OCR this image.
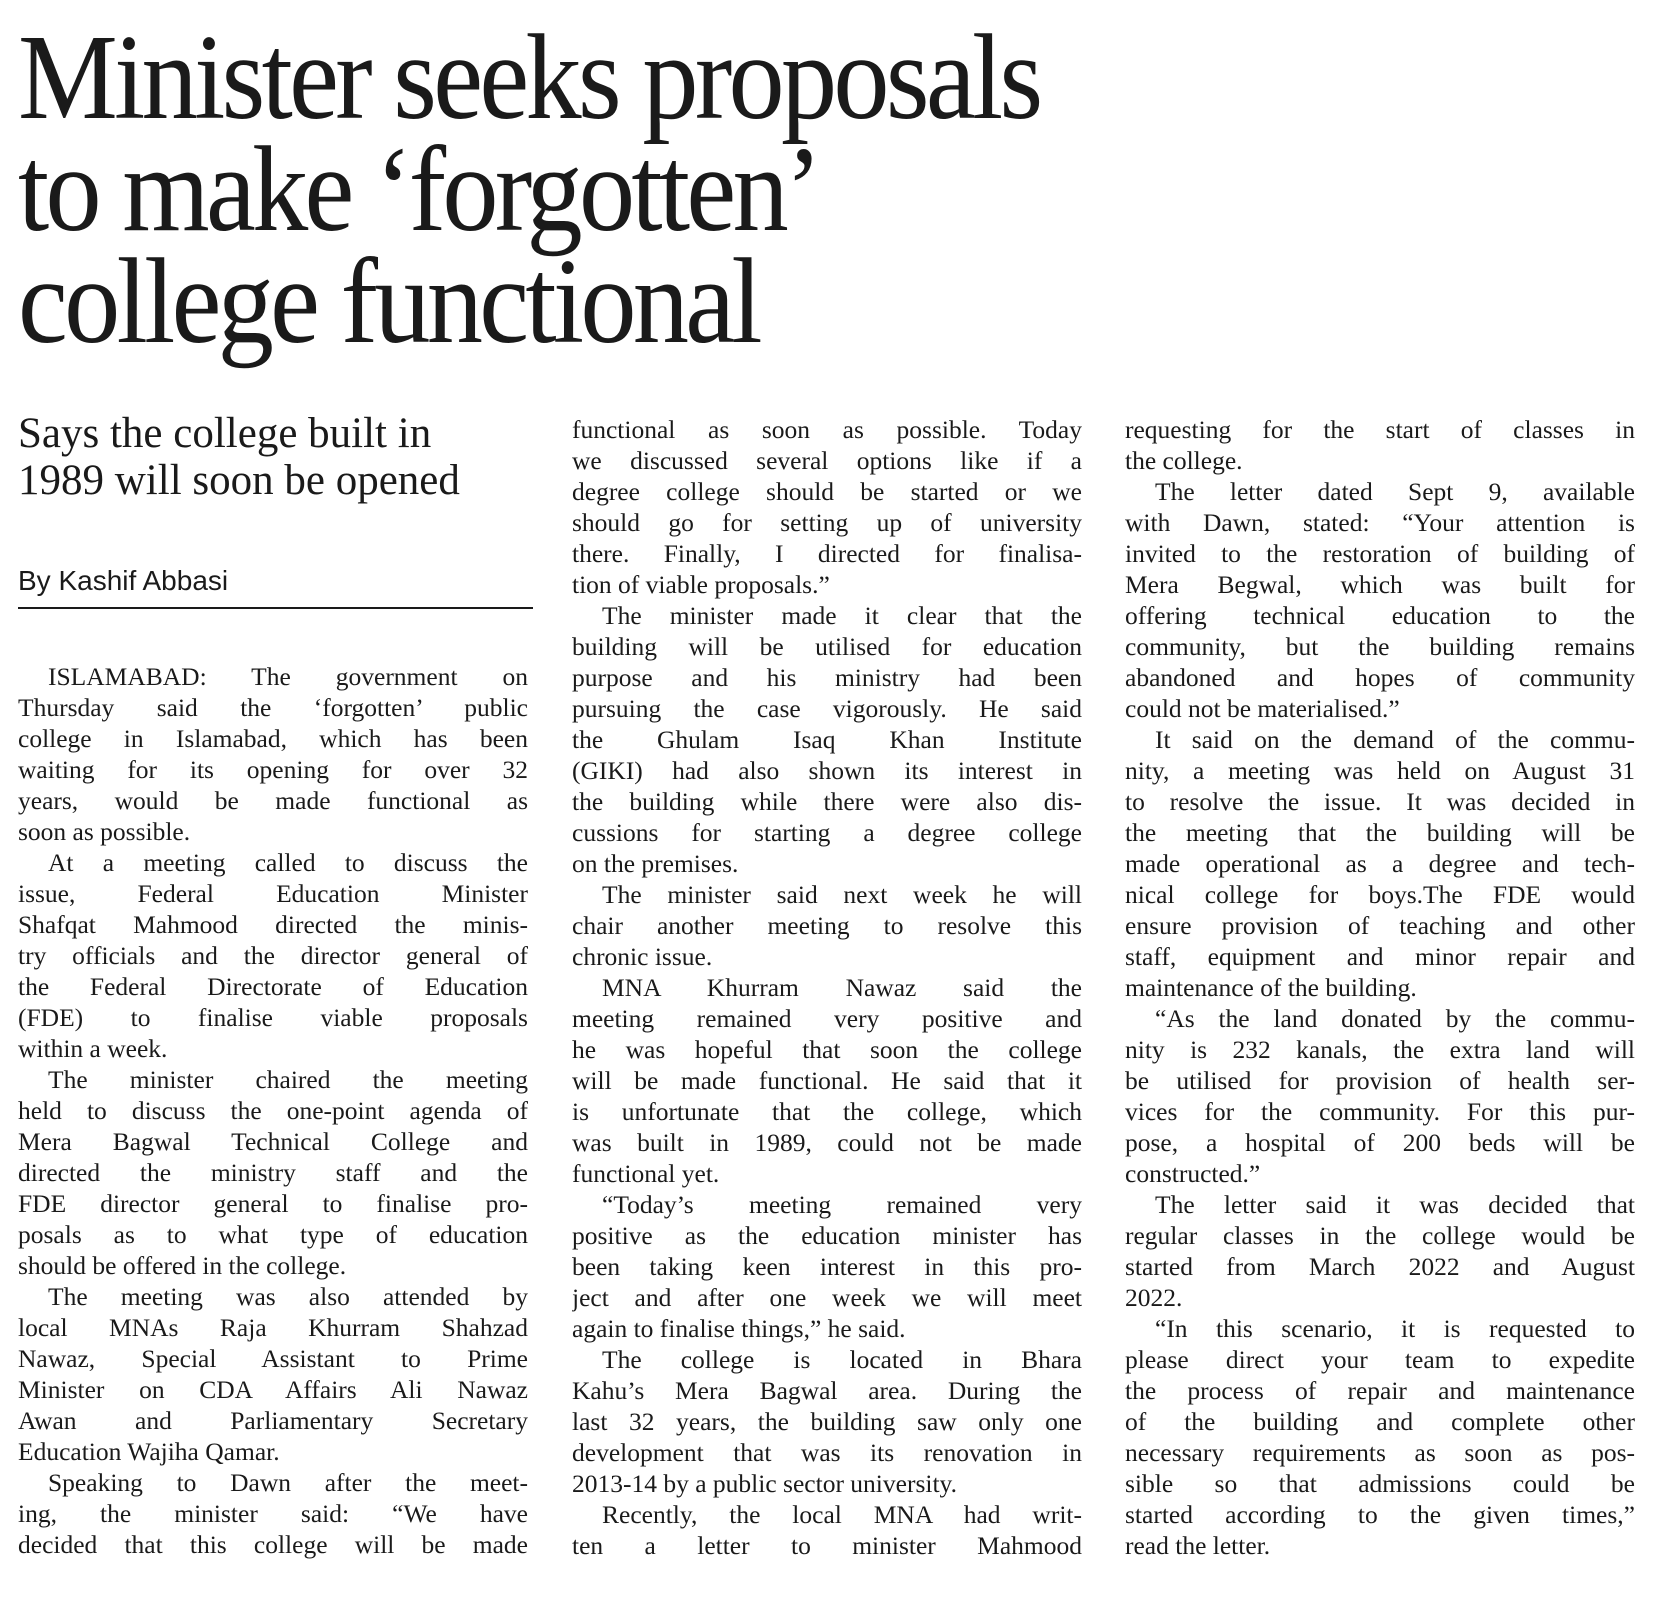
Minister seeks proposals
to make ‘forgotten’
college functional
Says the college built in
1989 will soon be opened
By Kashif Abbasi
ISLAMABAD: The government on
Thursday said the ‘forgotten’ public
college in Islamabad, which has been
waiting for its opening for over 32
years, would be made functional as
soon as possible.
At a meeting called to discuss the
issue, Federal Education Minister
Shafqat Mahmood directed the minis-
try officials and the director general of
the Federal Directorate of Education
(FDE) to finalise viable proposals
within a week.
The minister chaired the meeting
held to discuss the one-point agenda of
Mera Bagwal Technical College and
directed the ministry staff and the
FDE director general to finalise pro-
posals as to what type of education
should be offered in the college.
The meeting was also attended by
local MNAs Raja Khurram Shahzad
Nawaz, Special Assistant to Prime
Minister on CDA Affairs Ali Nawaz
Awan and Parliamentary Secretary
Education Wajiha Qamar.
Speaking to Dawn after the meet-
ing, the minister said: “We have
decided that this college will be made
functional as soon as possible. Today
we discussed several options like if a
degree college should be started or we
should go for setting up of university
there. Finally, I directed for finalisa-
tion of viable proposals.”
The minister made it clear that the
building will be utilised for education
purpose and his ministry had been
pursuing the case vigorously. He said
the Ghulam Isaq Khan Institute
(GIKI) had also shown its interest in
the building while there were also dis-
cussions for starting a degree college
on the premises.
The minister said next week he will
chair another meeting to resolve this
chronic issue.
MNA Khurram Nawaz said the
meeting remained very positive and
he was hopeful that soon the college
will be made functional. He said that it
is unfortunate that the college, which
was built in 1989, could not be made
functional yet.
“Today’s meeting remained very
positive as the education minister has
been taking keen interest in this pro-
ject and after one week we will meet
again to finalise things,” he said.
The college is located in Bhara
Kahu’s Mera Bagwal area. During the
last 32 years, the building saw only one
development that was its renovation in
2013-14 by a public sector university.
Recently, the local MNA had writ-
ten a letter to minister Mahmood
requesting for the start of classes in
the college.
The letter dated Sept 9, available
with Dawn, stated: “Your attention is
invited to the restoration of building of
Mera Begwal, which was built for
offering technical education to the
community, but the building remains
abandoned and hopes of community
could not be materialised.”
It said on the demand of the commu-
nity, a meeting was held on August 31
to resolve the issue. It was decided in
the meeting that the building will be
made operational as a degree and tech-
nical college for boys.The FDE would
ensure provision of teaching and other
staff, equipment and minor repair and
maintenance of the building.
“As the land donated by the commu-
nity is 232 kanals, the extra land will
be utilised for provision of health ser-
vices for the community. For this pur-
pose, a hospital of 200 beds will be
constructed.”
The letter said it was decided that
regular classes in the college would be
started from March 2022 and August
2022.
“In this scenario, it is requested to
please direct your team to expedite
the process of repair and maintenance
of the building and complete other
necessary requirements as soon as pos-
sible so that admissions could be
started according to the given times,”
read the letter.
